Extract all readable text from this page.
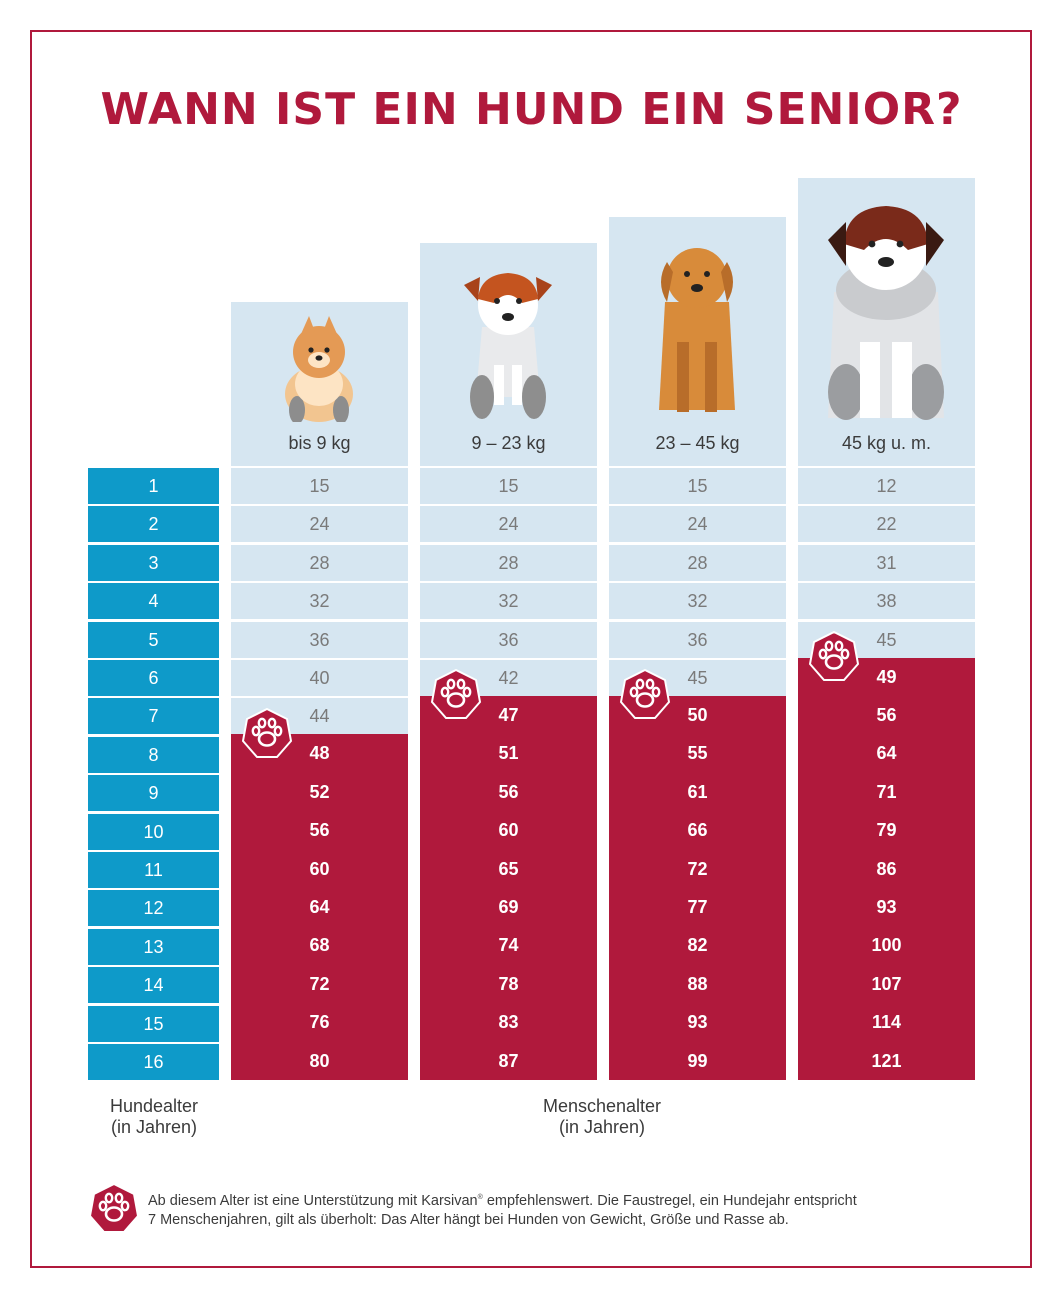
WANN IST EIN HUND EIN SENIOR?
1
2
3
4
5
6
7
8
9
10
11
12
13
14
15
16
bis 9 kg
15
24
28
32
36
40
44
48
52
56
60
64
68
72
76
80
9 – 23 kg
15
24
28
32
36
42
47
51
56
60
65
69
74
78
83
87
23 – 45 kg
15
24
28
32
36
45
50
55
61
66
72
77
82
88
93
99
45 kg u. m.
12
22
31
38
45
49
56
64
71
79
86
93
100
107
114
121

Hundealter
(in Jahren)

Menschenalter
(in Jahren)

Ab diesem Alter ist eine Unterstützung mit Karsivan® empfehlenswert. Die Faustregel, ein Hundejahr entspricht
7 Menschenjahren, gilt als überholt: Das Alter hängt bei Hunden von Gewicht, Größe und Rasse ab.
